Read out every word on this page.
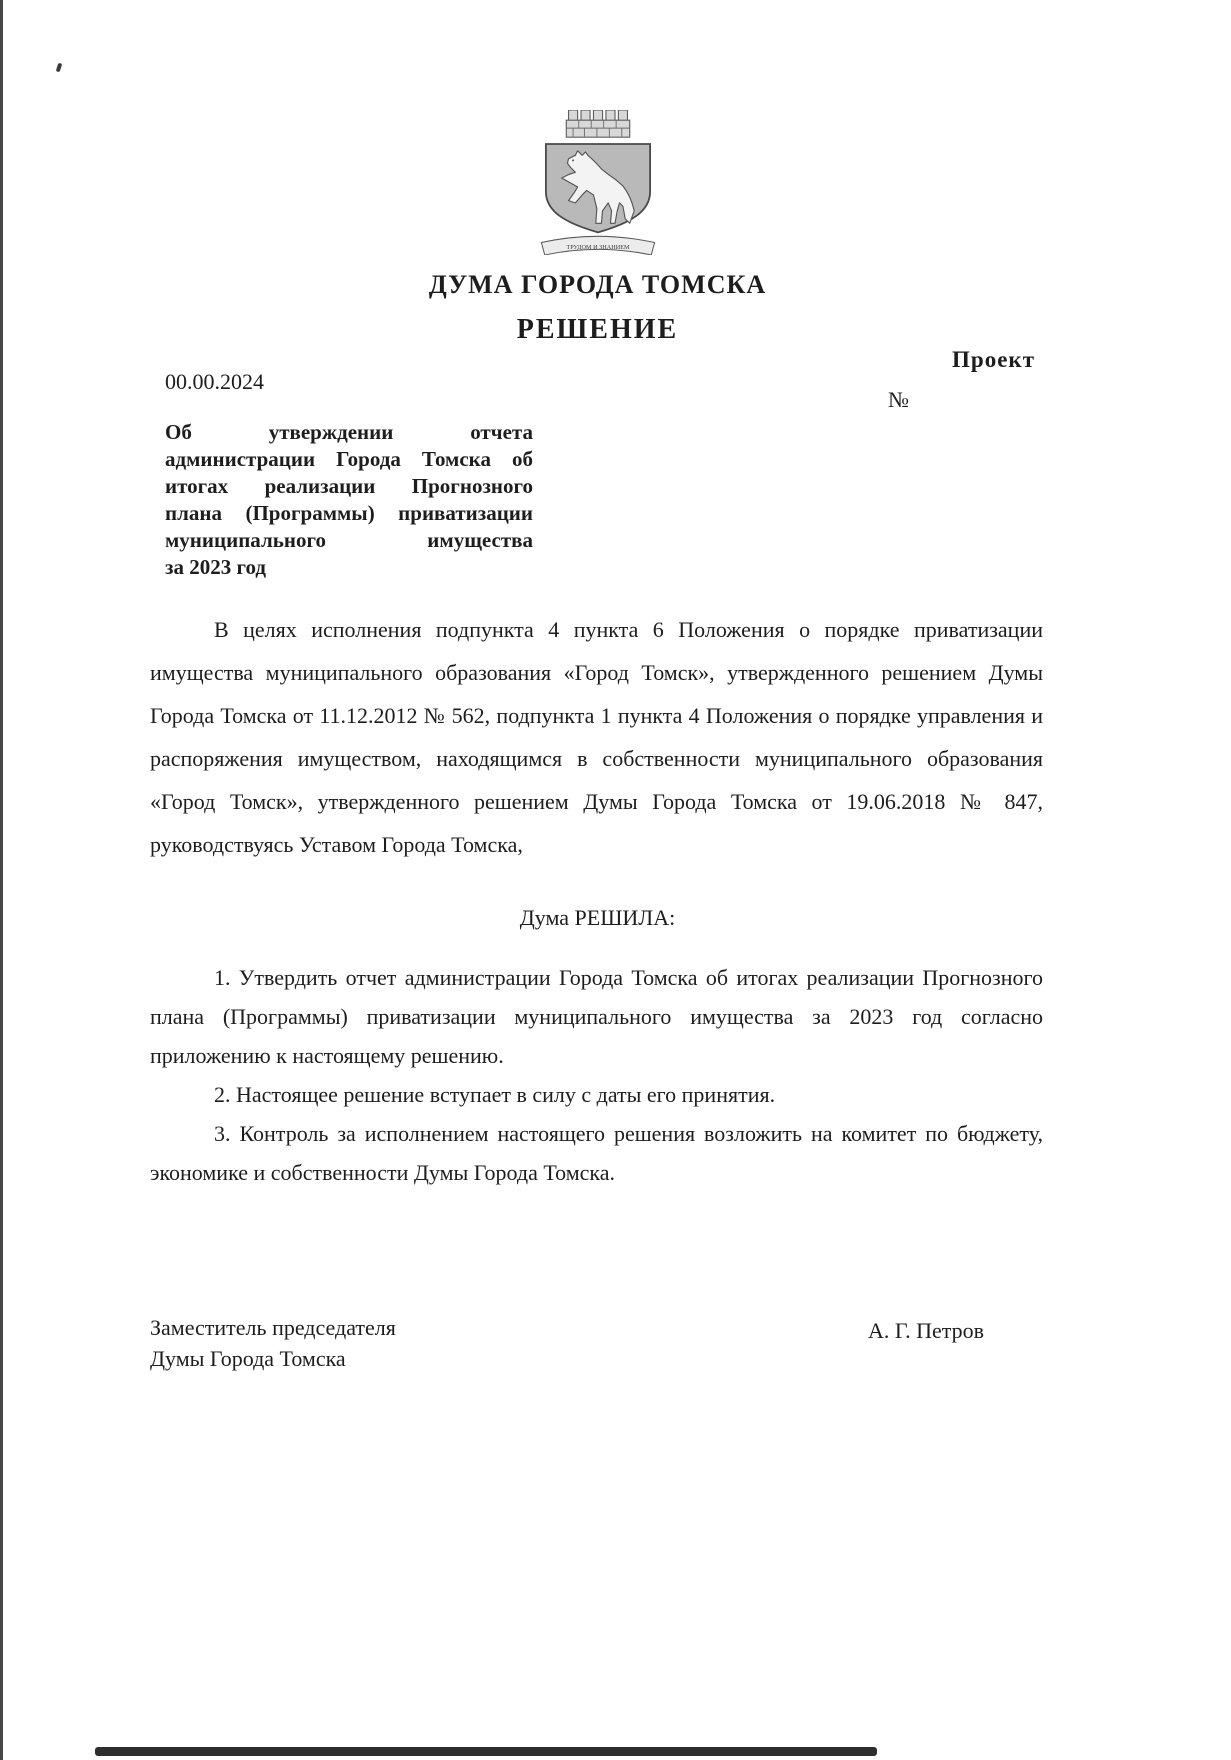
ТРУДОМ И ЗНАНИЕМ
ДУМА ГОРОДА ТОМСКА
РЕШЕНИЕ
Проект
00.00.2024
№
Об утверждении отчета
администрации Города Томска об
итогах реализации Прогнозного
плана (Программы) приватизации
муниципального имущества
за 2023 год
В целях исполнения подпункта 4 пункта 6 Положения о порядке приватизации имущества муниципального образования «Город Томск», утвержденного решением Думы Города Томска от 11.12.2012 № 562, подпункта 1 пункта 4 Положения о порядке управления и распоряжения имуществом, находящимся в собственности муниципального образования «Город Томск», утвержденного решением Думы Города Томска от 19.06.2018 № 847, руководствуясь Уставом Города Томска,
Дума РЕШИЛА:

1. Утвердить отчет администрации Города Томска об итогах реализации Прогнозного плана (Программы) приватизации муниципального имущества за 2023 год согласно приложению к настоящему решению.

2. Настоящее решение вступает в силу с даты его принятия.

3. Контроль за исполнением настоящего решения возложить на комитет по бюджету, экономике и собственности Думы Города Томска.

Заместитель председателя
Думы Города Томска
А. Г. Петров
